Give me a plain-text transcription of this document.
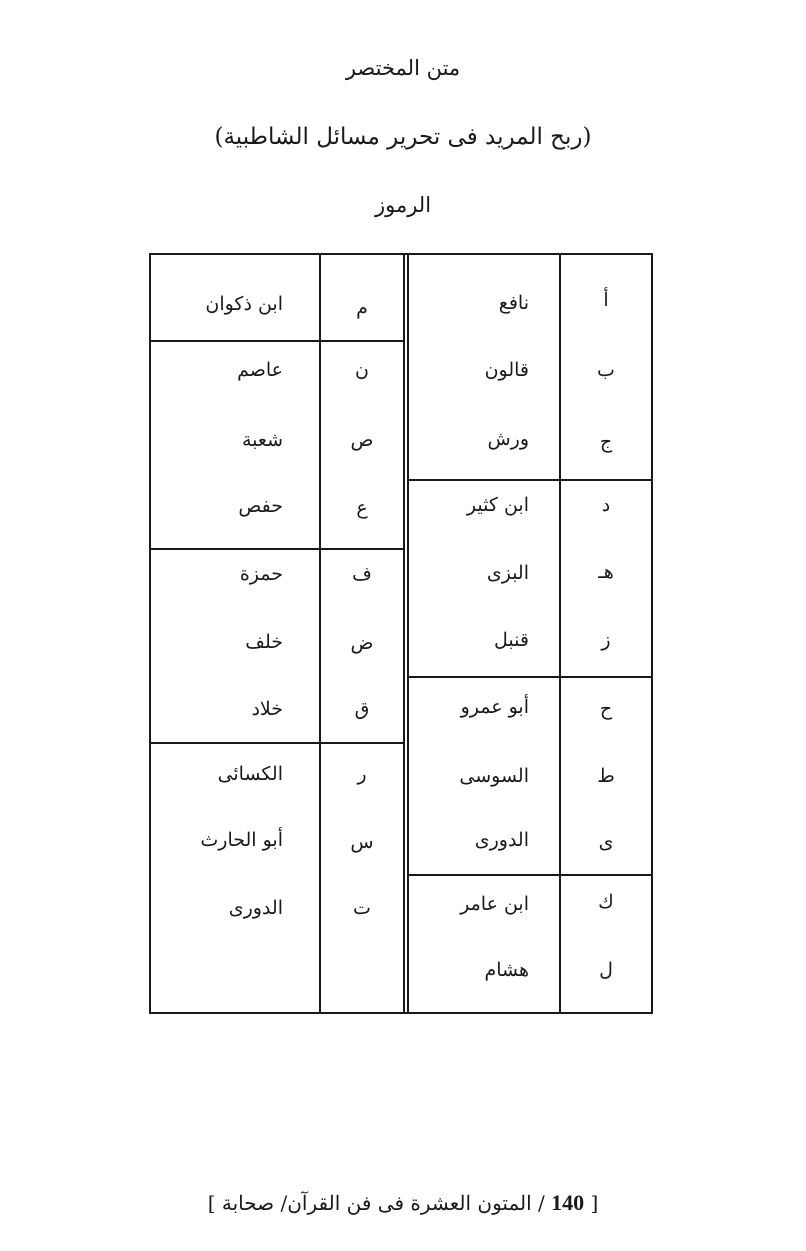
متن المختصر
(ربح المريد فى تحرير مسائل الشاطبية)
الرموز
أ
ب
ج
د
هـ
ز
ح
ط
ى
ك
ل
نافع
قالون
ورش
ابن كثير
البزى
قنبل
أبو عمرو
السوسى
الدورى
ابن عامر
هشام
م
ن
ص
ع
ف
ض
ق
ر
س
ت
ابن ذكوان
عاصم
شعبة
حفص
حمزة
خلف
خلاد
الكسائى
أبو الحارث
الدورى
[ 140 / المتون العشرة فى فن القرآن/ صحابة ]
